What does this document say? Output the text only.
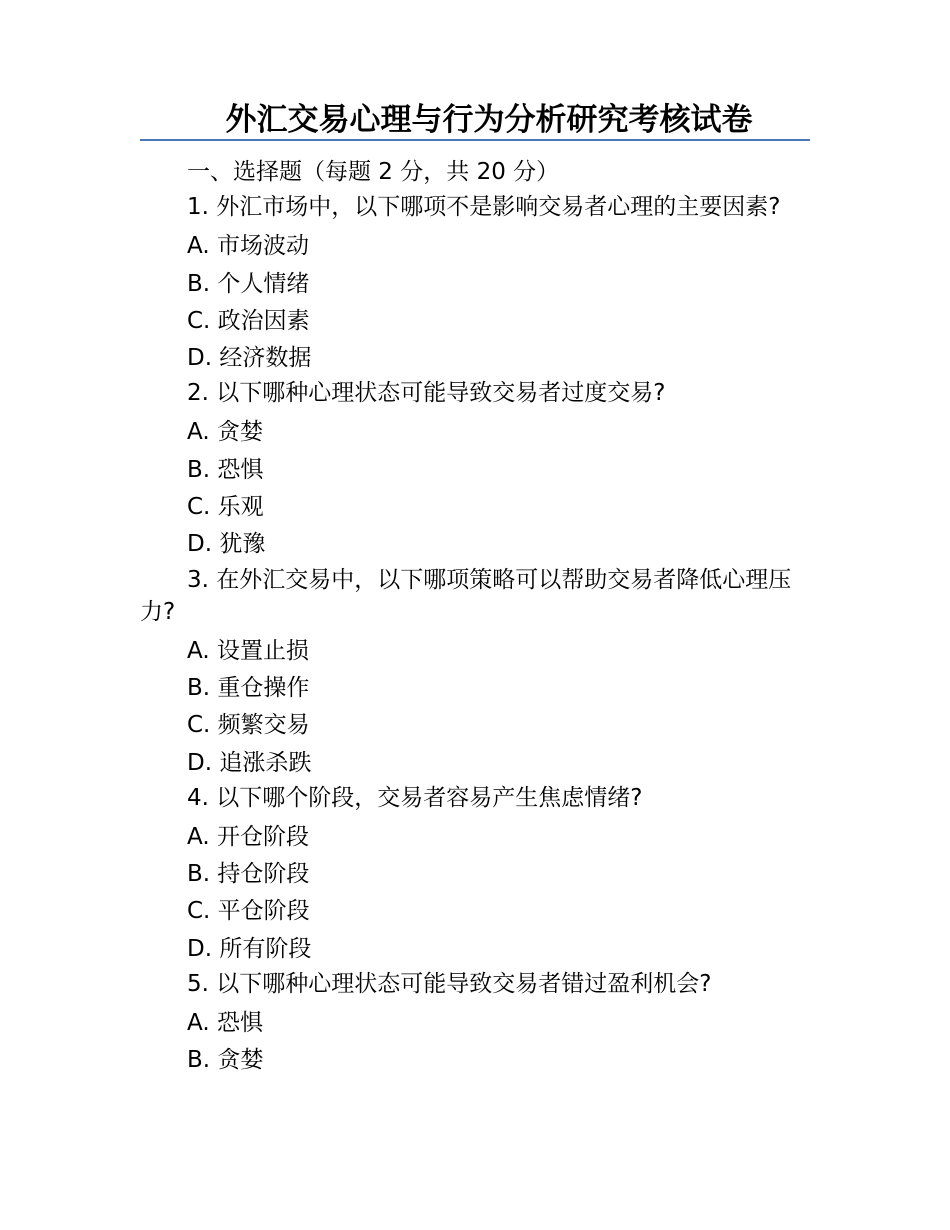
外汇交易心理与行为分析研究考核试卷
一、选择题（每题 2 分，共 20 分）
1. 外汇市场中，以下哪项不是影响交易者心理的主要因素?
A. 市场波动
B. 个人情绪
C. 政治因素
D. 经济数据
2. 以下哪种心理状态可能导致交易者过度交易?
A. 贪婪
B. 恐惧
C. 乐观
D. 犹豫
3. 在外汇交易中，以下哪项策略可以帮助交易者降低心理压力?
A. 设置止损
B. 重仓操作
C. 频繁交易
D. 追涨杀跌
4. 以下哪个阶段，交易者容易产生焦虑情绪?
A. 开仓阶段
B. 持仓阶段
C. 平仓阶段
D. 所有阶段
5. 以下哪种心理状态可能导致交易者错过盈利机会?
A. 恐惧
B. 贪婪
